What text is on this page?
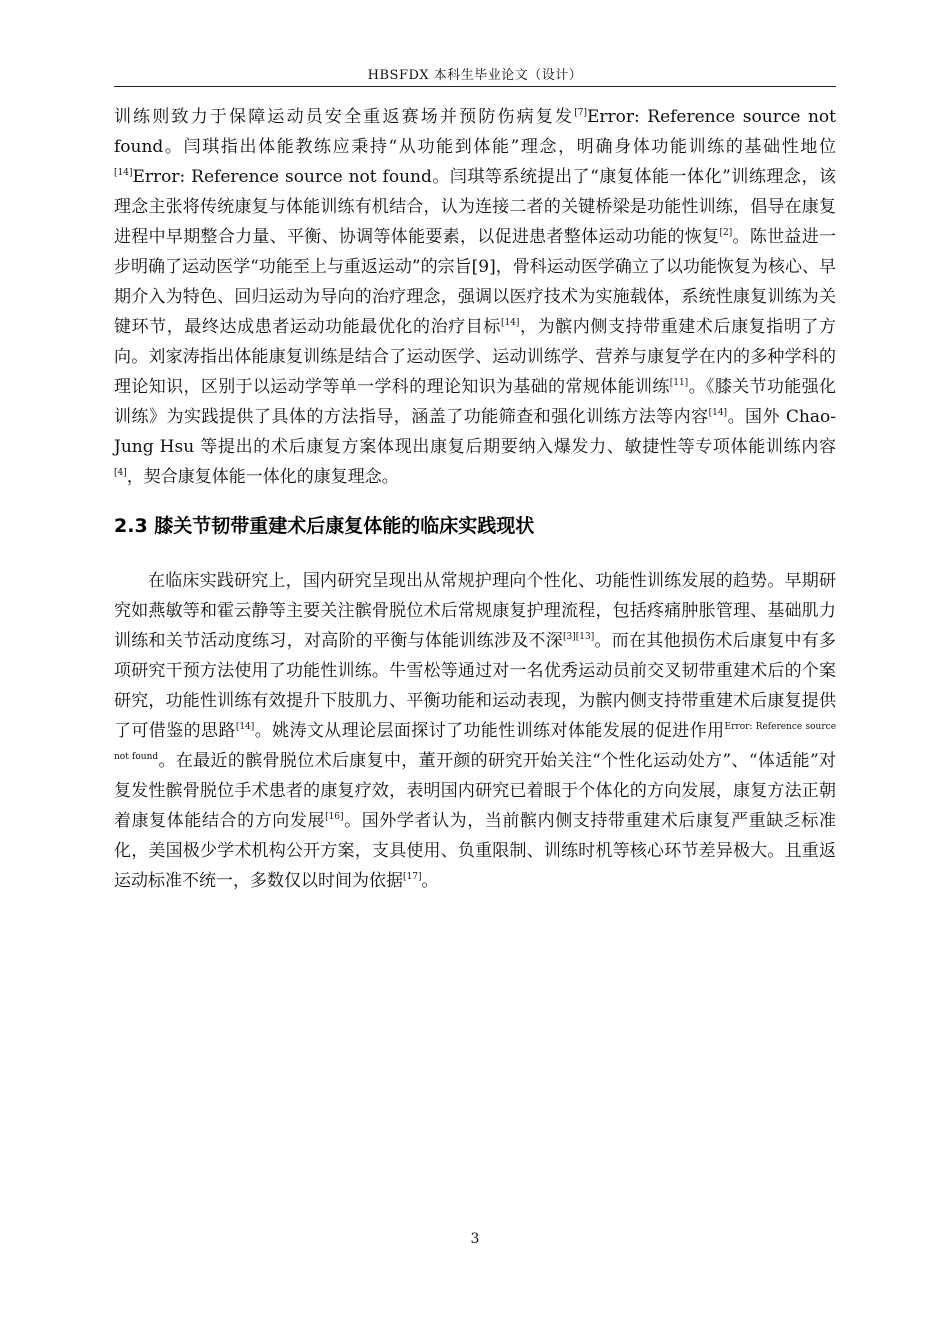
HBSFDX 本科生毕业论文（设计）

训练则致力于保障运动员安全重返赛场并预防伤病复发[7]Error: Reference source not found。闫琪指出体能教练应秉持“从功能到体能”理念，明确身体功能训练的基础性地位[14]Error: Reference source not found。闫琪等系统提出了“康复体能一体化”训练理念，该理念主张将传统康复与体能训练有机结合，认为连接二者的关键桥梁是功能性训练，倡导在康复进程中早期整合力量、平衡、协调等体能要素，以促进患者整体运动功能的恢复[2]。陈世益进一步明确了运动医学“功能至上与重返运动”的宗旨[9]，骨科运动医学确立了以功能恢复为核心、早期介入为特色、回归运动为导向的治疗理念，强调以医疗技术为实施载体，系统性康复训练为关键环节，最终达成患者运动功能最优化的治疗目标[14]，为髌内侧支持带重建术后康复指明了方向。刘家涛指出体能康复训练是结合了运动医学、运动训练学、营养与康复学在内的多种学科的理论知识，区别于以运动学等单一学科的理论知识为基础的常规体能训练[11]。《膝关节功能强化训练》为实践提供了具体的方法指导，涵盖了功能筛查和强化训练方法等内容[14]。国外 Chao-Jung Hsu 等提出的术后康复方案体现出康复后期要纳入爆发力、敏捷性等专项体能训练内容[4]，契合康复体能一体化的康复理念。

2.3 膝关节韧带重建术后康复体能的临床实践现状

在临床实践研究上，国内研究呈现出从常规护理向个性化、功能性训练发展的趋势。早期研究如燕敏等和霍云静等主要关注髌骨脱位术后常规康复护理流程，包括疼痛肿胀管理、基础肌力训练和关节活动度练习，对高阶的平衡与体能训练涉及不深[3][13]。而在其他损伤术后康复中有多项研究干预方法使用了功能性训练。牛雪松等通过对一名优秀运动员前交叉韧带重建术后的个案研究，功能性训练有效提升下肢肌力、平衡功能和运动表现，为髌内侧支持带重建术后康复提供了可借鉴的思路[14]。姚涛文从理论层面探讨了功能性训练对体能发展的促进作用$^{Error: Reference source not found}$。在最近的髌骨脱位术后康复中，董开颜的研究开始关注“个性化运动处方”、“体适能”对复发性髌骨脱位手术患者的康复疗效，表明国内研究已着眼于个体化的方向发展，康复方法正朝着康复体能结合的方向发展[16]。国外学者认为，当前髌内侧支持带重建术后康复严重缺乏标准化，美国极少学术机构公开方案，支具使用、负重限制、训练时机等核心环节差异极大。且重返运动标准不统一，多数仅以时间为依据[17]。

3
